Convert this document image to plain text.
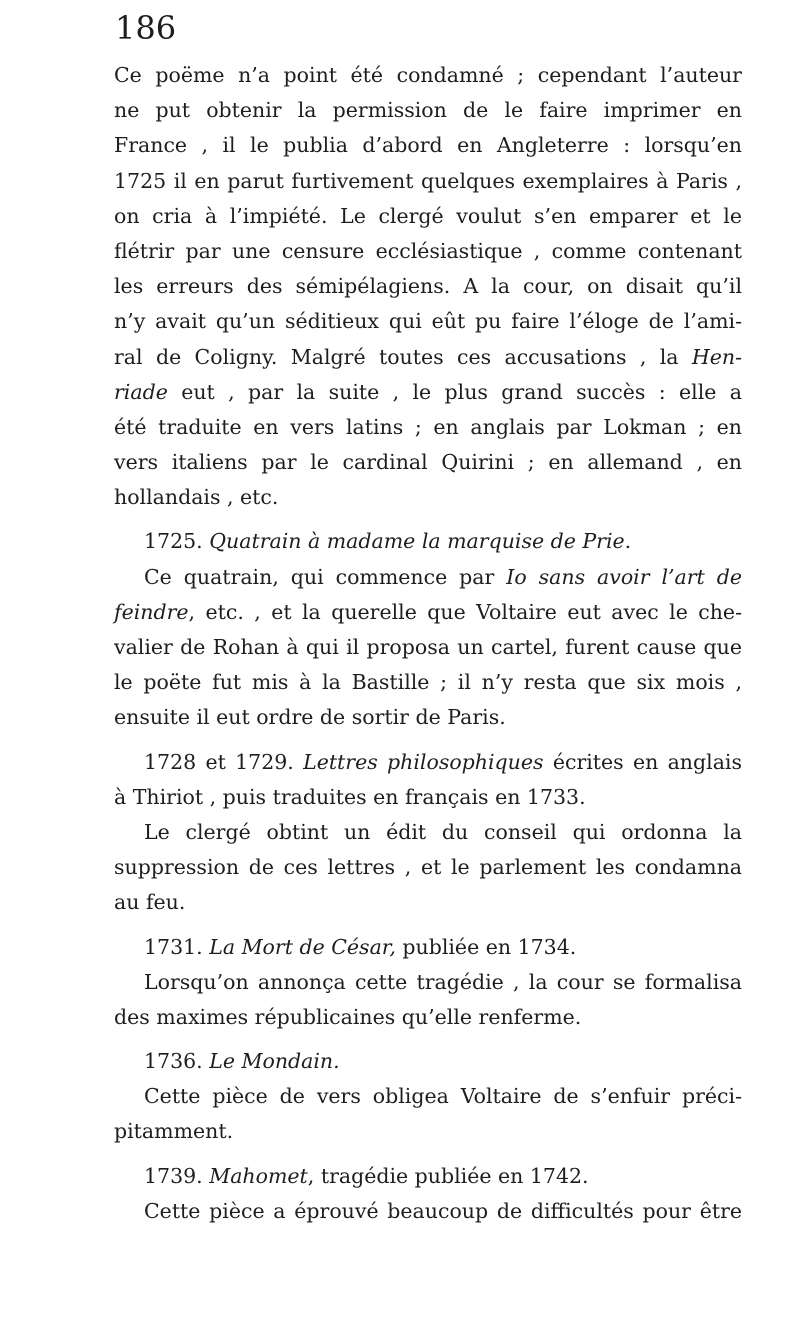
186
Ce poëme n’a point été condamné ; cependant l’auteur
ne put obtenir la permission de le faire imprimer en
France , il le publia d’abord en Angleterre : lorsqu’en
1725 il en parut furtivement quelques exemplaires à Paris ,
on cria à l’impiété. Le clergé voulut s’en emparer et le
flétrir par une censure ecclésiastique , comme contenant
les erreurs des sémipélagiens. A la cour, on disait qu’il
n’y avait qu’un séditieux qui eût pu faire l’éloge de l’ami-
ral de Coligny. Malgré toutes ces accusations , la Hen-
riade eut , par la suite , le plus grand succès : elle a
été traduite en vers latins ; en anglais par Lokman ; en
vers italiens par le cardinal Quirini ; en allemand , en
hollandais , etc.
1725. Quatrain à madame la marquise de Prie.
Ce quatrain, qui commence par Io sans avoir l’art de
feindre, etc. , et la querelle que Voltaire eut avec le che-
valier de Rohan à qui il proposa un cartel, furent cause que
le poëte fut mis à la Bastille ; il n’y resta que six mois ,
ensuite il eut ordre de sortir de Paris.
1728 et 1729. Lettres philosophiques écrites en anglais
à Thiriot , puis traduites en français en 1733.
Le clergé obtint un édit du conseil qui ordonna la
suppression de ces lettres , et le parlement les condamna
au feu.
1731. La Mort de César, publiée en 1734.
Lorsqu’on annonça cette tragédie , la cour se formalisa
des maximes républicaines qu’elle renferme.
1736. Le Mondain.
Cette pièce de vers obligea Voltaire de s’enfuir préci-
pitamment.
1739. Mahomet, tragédie publiée en 1742.
Cette pièce a éprouvé beaucoup de difficultés pour être
